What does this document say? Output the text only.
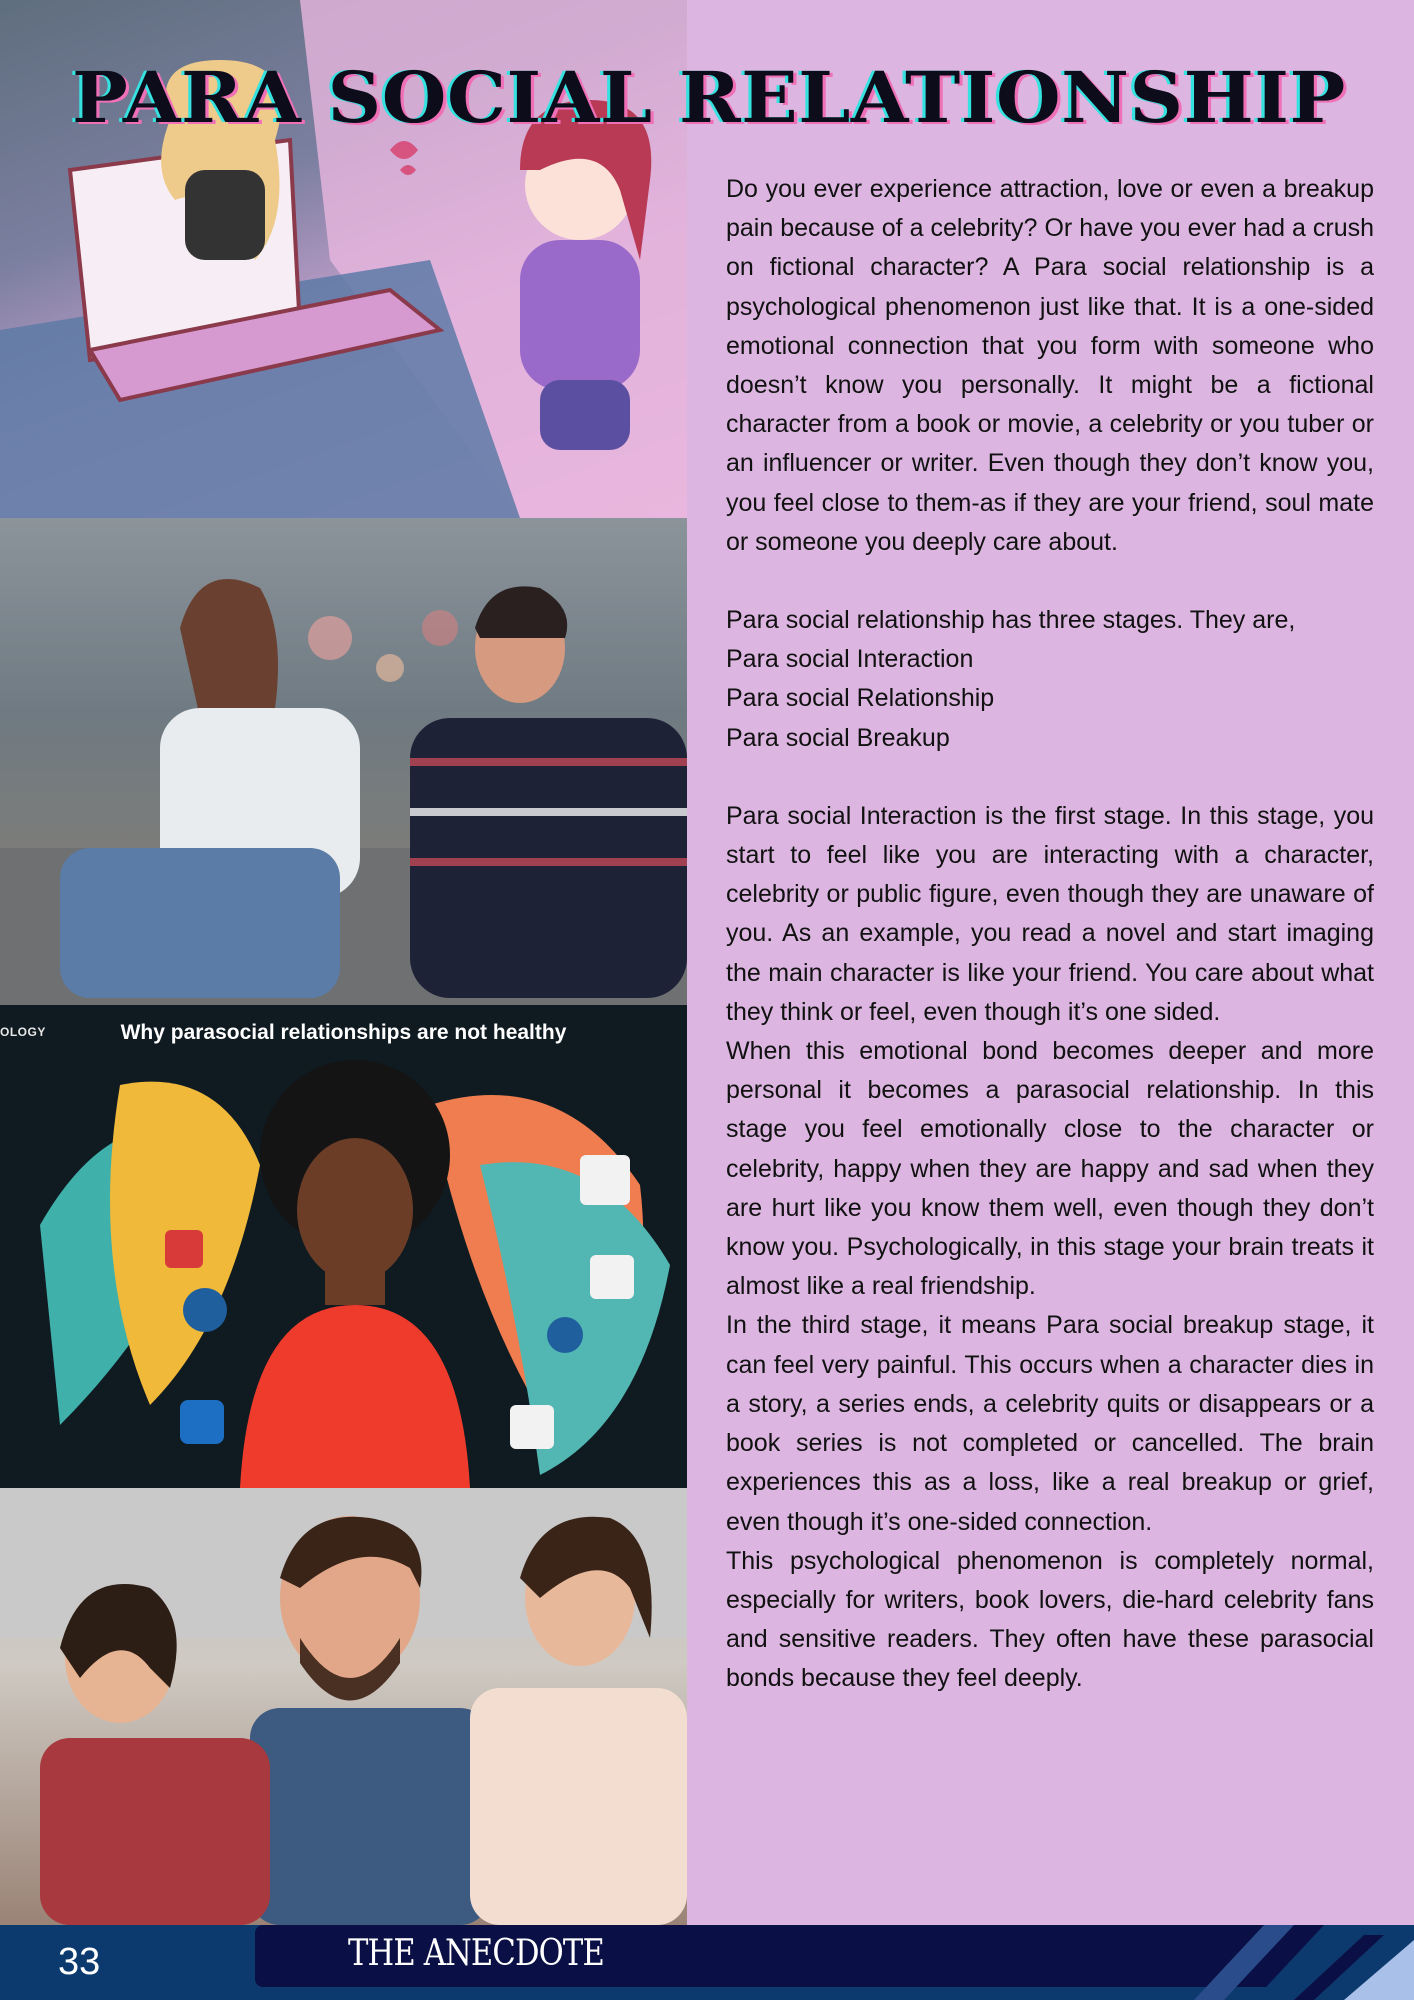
OLOGY	Why parasocial relationships are not healthy
PARA SOCIAL RELATIONSHIP

Do you ever experience attraction, love or even a breakup pain because of a celebrity? Or have you ever had a crush on fictional character? A Para social relationship is a psychological phenomenon just like that. It is a one-sided emotional connection that you form with someone who doesn’t know you personally. It might be a fictional character from a book or movie, a celebrity or you tuber or an influencer or writer. Even though they don’t know you, you feel close to them-as if they are your friend, soul mate or someone you deeply care about.

Para social relationship has three stages. They are,

Para social Interaction
Para social Relationship
Para social Breakup

Para social Interaction is the first stage. In this stage, you start to feel like you are interacting with a character, celebrity or public figure, even though they are unaware of you. As an example, you read a novel and start imaging the main character is like your friend. You care about what they think or feel, even though it’s one sided.

When this emotional bond becomes deeper and more personal it becomes a parasocial relationship. In this stage you feel emotionally close to the character or celebrity, happy when they are happy and sad when they are hurt like you know them well, even though they don’t know you. Psychologically, in this stage your brain treats it almost like a real friendship.

In the third stage, it means Para social breakup stage, it can feel very painful. This occurs when a character dies in a story, a series ends, a celebrity quits or disappears or a book series is not completed or cancelled. The brain experiences this as a loss, like a real breakup or grief, even though it’s one-sided connection.

This psychological phenomenon is completely normal, especially for writers, book lovers, die-hard celebrity fans and sensitive readers. They often have these parasocial bonds because they feel deeply.

33	THE ANECDOTE
